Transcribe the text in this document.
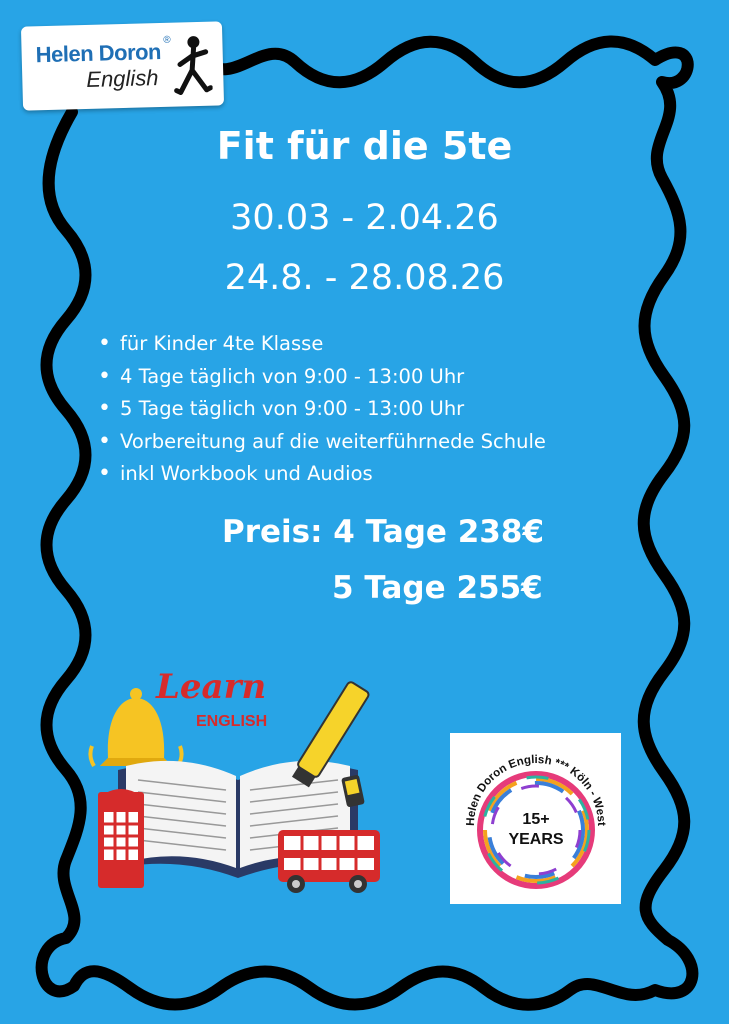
Helen Doron ®
English
Fit für die 5te
30.03 - 2.04.26
24.8. - 28.08.26
• für Kinder 4te Klasse
• 4 Tage täglich von 9:00 - 13:00 Uhr
• 5 Tage täglich von 9:00 - 13:00 Uhr
• Vorbereitung auf die weiterführnede Schule
• inkl Workbook und Audios
Preis: 4 Tage 238€
5 Tage 255€
Learn
ENGLISH
Helen Doron English *** Köln - West
15+
YEARS
